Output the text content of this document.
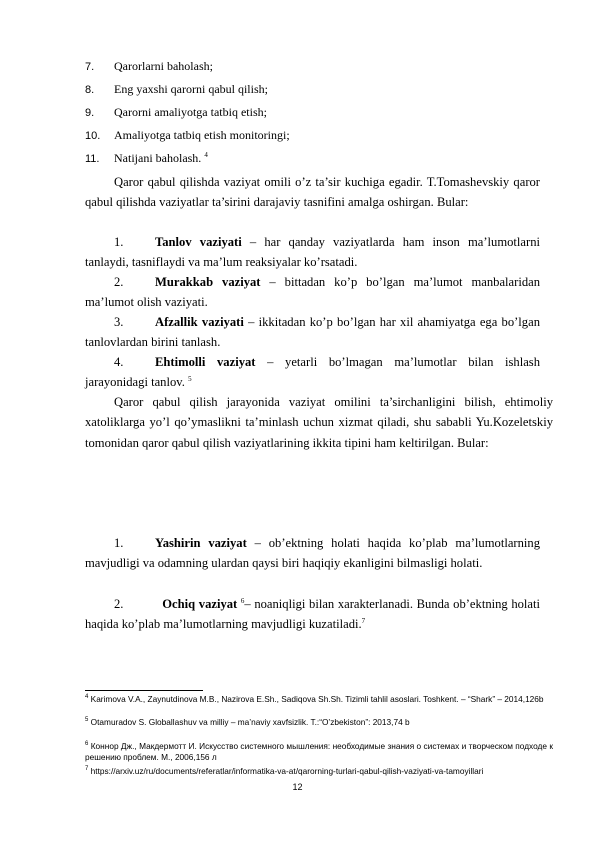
7. Qarorlarni baholash;
8. Eng yaxshi qarorni qabul qilish;
9. Qarorni amaliyotga tatbiq etish;
10. Amaliyotga tatbiq etish monitoringi;
11. Natijani baholash. $^4$
Qaror qabul qilishda vaziyat omili o’z ta’sir kuchiga egadir. T.Tomashevskiy qaror qabul qilishda vaziyatlar ta’sirini darajaviy tasnifini amalga oshirgan. Bular:
1.	Tanlov vaziyati – har qanday vaziyatlarda ham inson ma’lumotlarni tanlaydi, tasniflaydi va ma’lum reaksiyalar ko’rsatadi.
2.	Murakkab vaziyat – bittadan ko’p bo’lgan ma’lumot manbalaridan ma’lumot olish vaziyati.
3.	Afzallik vaziyati – ikkitadan ko’p bo’lgan har xil ahamiyatga ega bo’lgan tanlovlardan birini tanlash.
4.	Ehtimolli vaziyat – yetarli bo’lmagan ma’lumotlar bilan ishlash jarayonidagi tanlov. $^5$
Qaror qabul qilish jarayonida vaziyat omilini ta’sirchanligini bilish, ehtimoliy xatoliklarga yo’l qo’ymaslikni ta’minlash uchun xizmat qiladi, shu sababli Yu.Kozeletskiy tomonidan qaror qabul qilish vaziyatlarining ikkita tipini ham keltirilgan. Bular:
1.	Yashirin vaziyat – ob’ektning holati haqida ko’plab ma’lumotlarning mavjudligi va odamning ulardan qaysi biri haqiqiy ekanligini bilmasligi holati.
2.	Ochiq vaziyat $^6$– noaniqligi bilan xarakterlanadi. Bunda ob’ektning holati haqida ko’plab ma’lumotlarning mavjudligi kuzatiladi.$^7$
$^4$ Karimova V.A., Zaynutdinova M.B., Nazirova E.Sh., Sadiqova Sh.Sh. Tizimli tahlil asoslari. Toshkent. – “Shark” – 2014,126b
$^5$ Otamuradov S. Globallashuv va milliy – ma’naviy xavfsizlik. T.:“O’zbekiston”: 2013,74 b
$^6$ Коннор Дж., Макдермотт И. Искусство системного мышления: необходимые знания о системах и творческом подходе к решению проблем. М., 2006,156 л
$^7$ https://arxiv.uz/ru/documents/referatlar/informatika-va-at/qarorning-turlari-qabul-qilish-vaziyati-va-tamoyillari
12
